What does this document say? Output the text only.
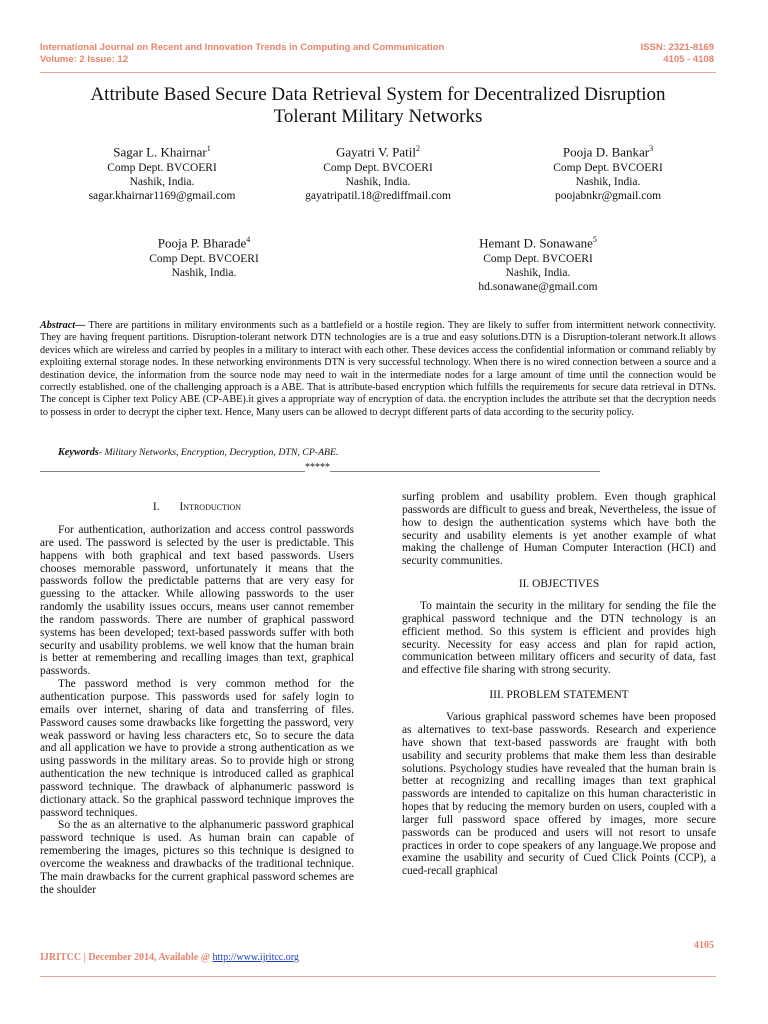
International Journal on Recent and Innovation Trends in Computing and Communication
Volume: 2 Issue: 12
ISSN: 2321-8169
4105 - 4108
Attribute Based Secure Data Retrieval System for Decentralized Disruption
Tolerant Military Networks
Sagar L. Khairnar$^1$
Comp Dept. BVCOERI
Nashik, India.
sagar.khairnar1169@gmail.com
Gayatri V. Patil$^2$
Comp Dept. BVCOERI
Nashik, India.
gayatripatil.18@rediffmail.com
Pooja D. Bankar$^3$
Comp Dept. BVCOERI
Nashik, India.
poojabnkr@gmail.com
Pooja P. Bharade$^4$
Comp Dept. BVCOERI
Nashik, India.
Hemant D. Sonawane$^5$
Comp Dept. BVCOERI
Nashik, India.
hd.sonawane@gmail.com
Abstract— There are partitions in military environments such as a battlefield or a hostile region. They are likely to suffer from intermittent network connectivity. They are having frequent partitions. Disruption-tolerant network DTN technologies are is a true and easy solutions.DTN is a Disruption-tolerant network.It allows devices which are wireless and carried by peoples in a military to interact with each other. These devices access the confidential information or command reliably by exploiting external storage nodes. In these networking environments DTN is very successful technology. When there is no wired connection between a source and a destination device, the information from the source node may need to wait in the intermediate nodes for a large amount of time until the connection would be correctly established. one of the challenging approach is a ABE. That is attribute-based encryption which fulfills the requirements for secure data retrieval in DTNs. The concept is Cipher text Policy ABE (CP-ABE).it gives a appropriate way of encryption of data. the encryption includes the attribute set that the decryption needs to possess in order to decrypt the cipher text. Hence, Many users can be allowed to decrypt different parts of data according to the security policy.
Keywords- Military Networks, Encryption, Decryption, DTN, CP-ABE.
_____________________________________________________*****______________________________________________________
I. Introduction

For authentication, authorization and access control passwords are used. The password is selected by the user is predictable. This happens with both graphical and text based passwords. Users chooses memorable password, unfortunately it means that the passwords follow the predictable patterns that are very easy for guessing to the attacker. While allowing passwords to the user randomly the usability issues occurs, means user cannot remember the random passwords. There are number of graphical password systems has been developed; text-based passwords suffer with both security and usability problems. we well know that the human brain is better at remembering and recalling images than text, graphical passwords.

The password method is very common method for the authentication purpose. This passwords used for safely login to emails over internet, sharing of data and transferring of files. Password causes some drawbacks like forgetting the password, very weak password or having less characters etc, So to secure the data and all application we have to provide a strong authentication as we using passwords in the military areas. So to provide high or strong authentication the new technique is introduced called as graphical password technique. The drawback of alphanumeric password is dictionary attack. So the graphical password technique improves the password techniques.

So the as an alternative to the alphanumeric password graphical password technique is used. As human brain can capable of remembering the images, pictures so this technique is designed to overcome the weakness and drawbacks of the traditional technique. The main drawbacks for the current graphical password schemes are the shoulder

surfing problem and usability problem. Even though graphical passwords are difficult to guess and break, Nevertheless, the issue of how to design the authentication systems which have both the security and usability elements is yet another example of what making the challenge of Human Computer Interaction (HCI) and security communities.

II. OBJECTIVES

To maintain the security in the military for sending the file the graphical password technique and the DTN technology is an efficient method. So this system is efficient and provides high security. Necessity for easy access and plan for rapid action, communication between military officers and security of data, fast and effective file sharing with strong security.

III. PROBLEM STATEMENT

Various graphical password schemes have been proposed as alternatives to text-base passwords. Research and experience have shown that text-based passwords are fraught with both usability and security problems that make them less than desirable solutions. Psychology studies have revealed that the human brain is better at recognizing and recalling images than text graphical passwords are intended to capitalize on this human characteristic in hopes that by reducing the memory burden on users, coupled with a larger full password space offered by images, more secure passwords can be produced and users will not resort to unsafe practices in order to cope speakers of any language.We propose and examine the usability and security of Cued Click Points (CCP), a cued-recall graphical

4105
IJRITCC | December 2014, Available @ http://www.ijritcc.org
